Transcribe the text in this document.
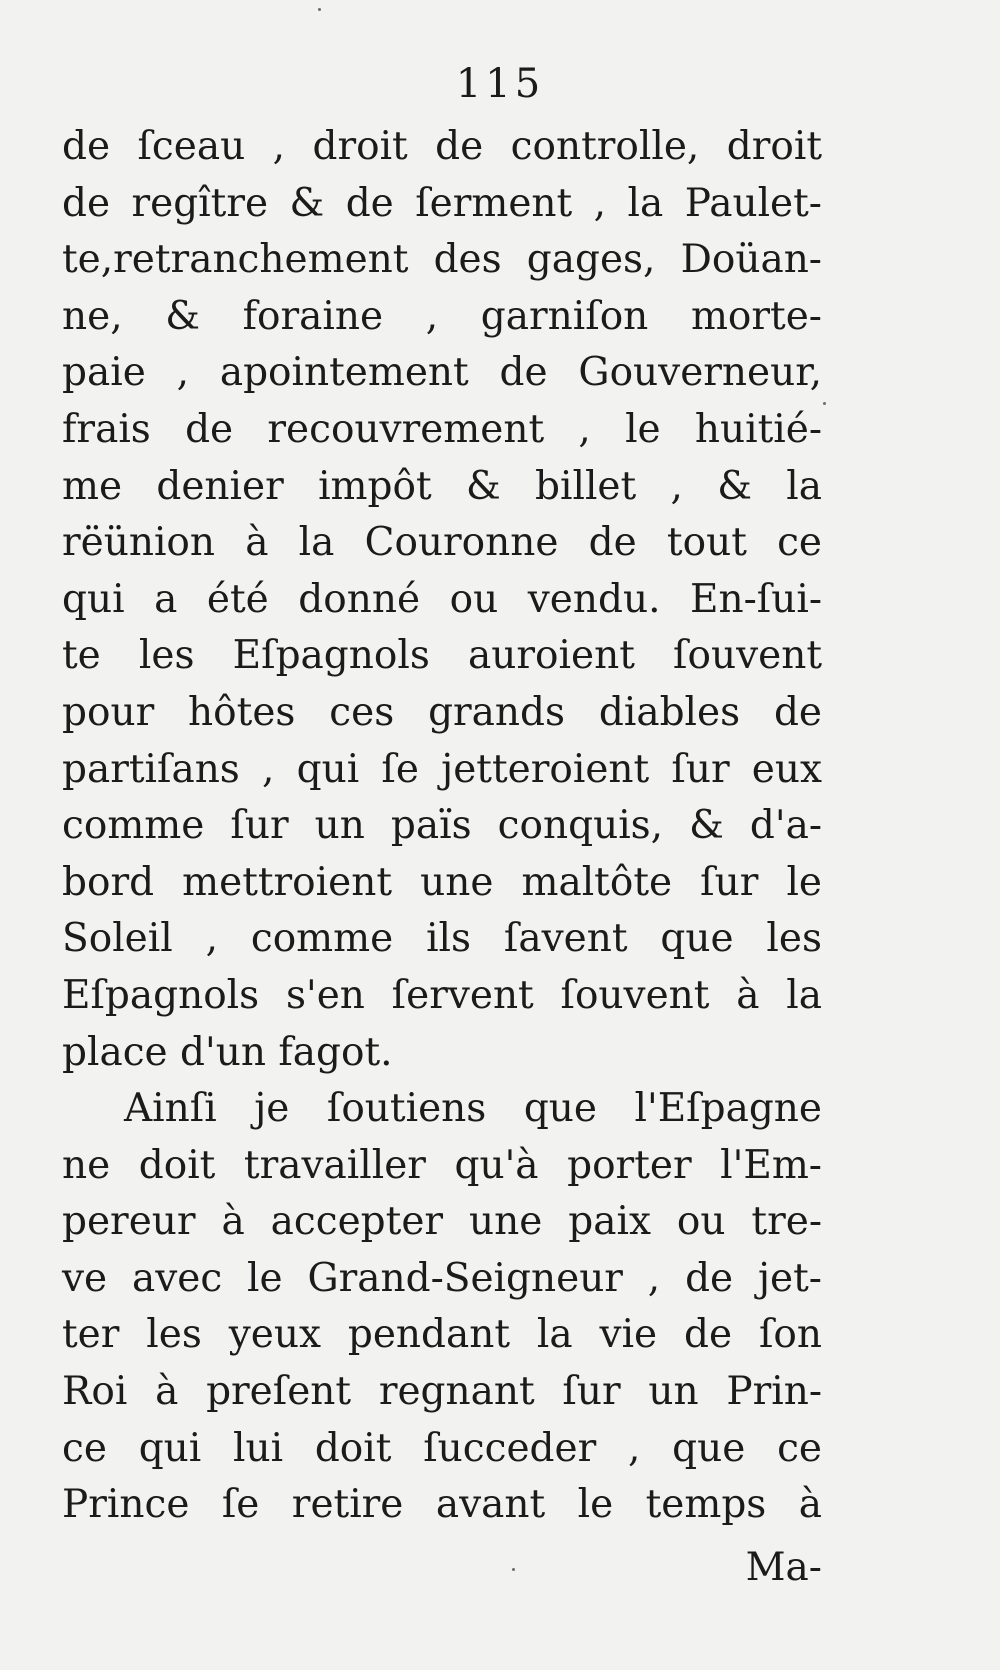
115
de ſceau , droit de controlle, droit
de regître & de ſerment , la Paulet-
te,retranchement des gages, Doüan-
ne, & foraine , garniſon morte-
paie , apointement de Gouverneur,
frais de recouvrement , le huitié-
me denier impôt & billet , & la
rëünion à la Couronne de tout ce
qui a été donné ou vendu. En-ſui-
te les Eſpagnols auroient ſouvent
pour hôtes ces grands diables de
partiſans , qui ſe jetteroient ſur eux
comme ſur un païs conquis, & d'a-
bord mettroient une maltôte ſur le
Soleil , comme ils ſavent que les
Eſpagnols s'en ſervent ſouvent à la
place d'un fagot.
Ainſi je ſoutiens que l'Eſpagne
ne doit travailler qu'à porter l'Em-
pereur à accepter une paix ou tre-
ve avec le Grand-Seigneur , de jet-
ter les yeux pendant la vie de ſon
Roi à preſent regnant ſur un Prin-
ce qui lui doit ſucceder , que ce
Prince ſe retire avant le temps à
Ma-
